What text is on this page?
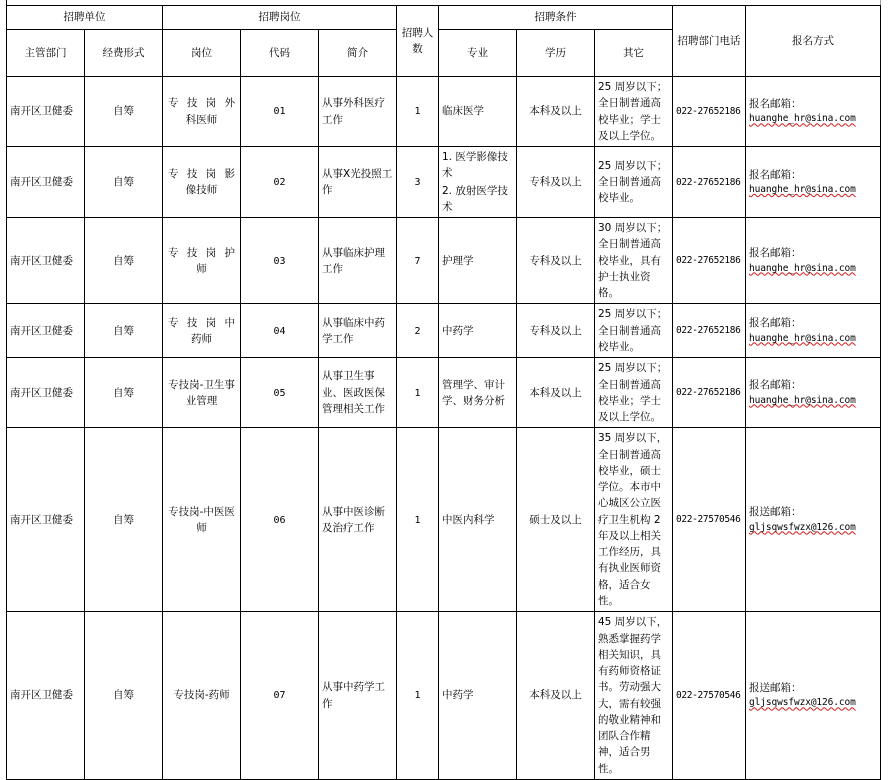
招聘单位		招聘岗位			招聘人数	招聘条件			招聘部门电话	报名方式
主管部门	经费形式	岗位	代码	简介		专业	学历	其它		
南开区卫健委	自筹	专技岗外
科医师	01	从事外科医疗工作	1	临床医学	本科及以上	25 周岁以下；全日制普通高校毕业；学士及以上学位。	022-27652186	报名邮箱：
huanghe_hr@sina.com

南开区卫健委	自筹	专技岗影
像技师	02	从事X光投照工作	3	1. 医学影像技术
2. 放射医学技术	专科及以上	25 周岁以下；全日制普通高校毕业。	022-27652186	报名邮箱：
huanghe_hr@sina.com

南开区卫健委	自筹	专技岗护
师	03	从事临床护理工作	7	护理学	专科及以上	30 周岁以下；全日制普通高校毕业，具有护士执业资格。	022-27652186	报名邮箱：
huanghe_hr@sina.com

南开区卫健委	自筹	专技岗中
药师	04	从事临床中药学工作	2	中药学	专科及以上	25 周岁以下；全日制普通高校毕业。	022-27652186	报名邮箱：
huanghe_hr@sina.com

南开区卫健委	自筹	专技岗-卫生事业管理	05	从事卫生事业、医政医保管理相关工作	1	管理学、审计学、财务分析	本科及以上	25 周岁以下；全日制普通高校毕业；学士及以上学位。	022-27652186	报名邮箱：
huanghe_hr@sina.com

南开区卫健委	自筹	专技岗-中医医
师	06	从事中医诊断及治疗工作	1	中医内科学	硕士及以上	35 周岁以下，全日制普通高校毕业，硕士学位。本市中心城区公立医疗卫生机构 2 年及以上相关工作经历，具有执业医师资格，适合女性。	022-27570546	报送邮箱：
gljsqwsfwzx@126.com

南开区卫健委	自筹	专技岗-药师	07	从事中药学工作	1	中药学	本科及以上	45 周岁以下，熟悉掌握药学相关知识，具有药师资格证书。劳动强大大，需有较强的敬业精神和团队合作精神，适合男性。	022-27570546	报送邮箱：
gljsqwsfwzx@126.com
